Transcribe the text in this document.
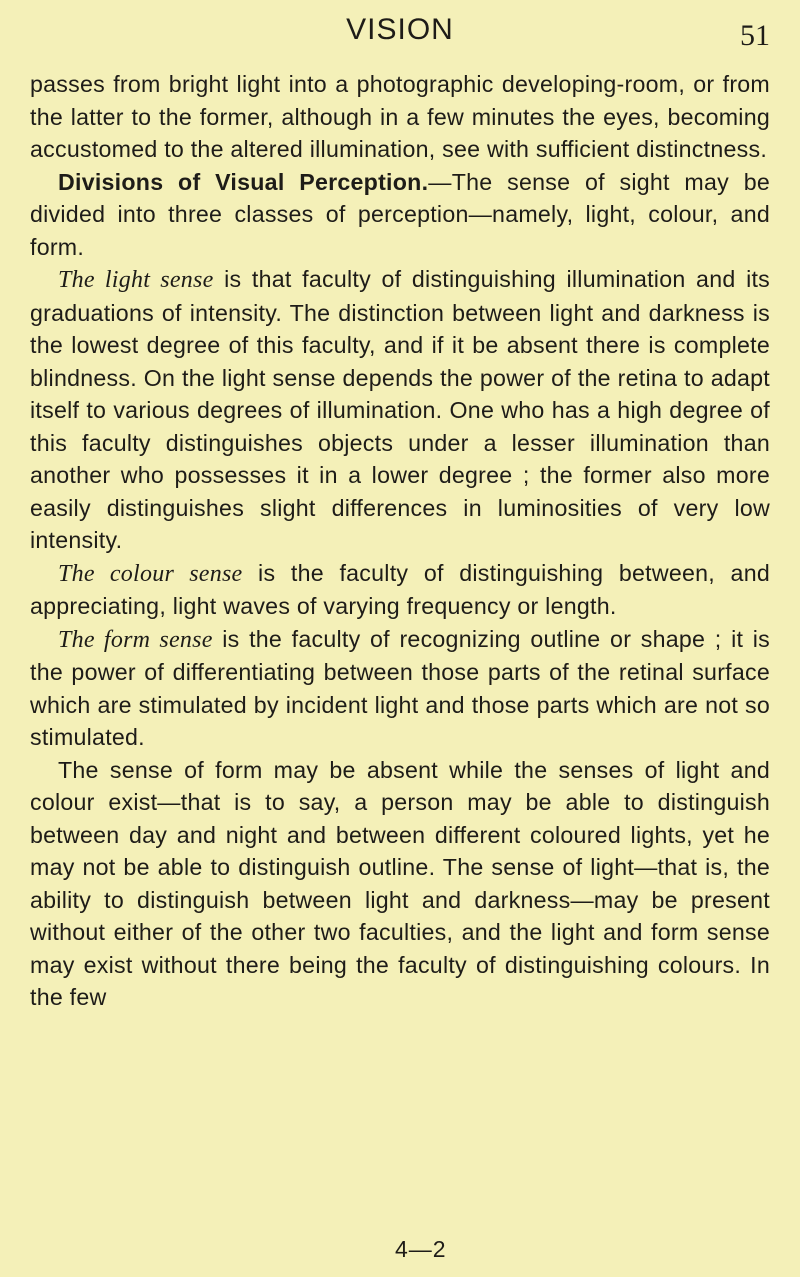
VISION	51

passes from bright light into a photographic developing-room, or from the latter to the former, although in a few minutes the eyes, becoming accustomed to the altered illumination, see with sufficient distinctness.

Divisions of Visual Perception.—The sense of sight may be divided into three classes of perception—namely, light, colour, and form.

The light sense is that faculty of distinguishing illumination and its graduations of intensity. The distinction between light and darkness is the lowest degree of this faculty, and if it be absent there is complete blindness. On the light sense depends the power of the retina to adapt itself to various degrees of illumination. One who has a high degree of this faculty distinguishes objects under a lesser illumination than another who possesses it in a lower degree ; the former also more easily distinguishes slight differences in luminosities of very low intensity.

The colour sense is the faculty of distinguishing between, and appreciating, light waves of varying frequency or length.

The form sense is the faculty of recognizing outline or shape ; it is the power of differentiating between those parts of the retinal surface which are stimulated by incident light and those parts which are not so stimulated.

The sense of form may be absent while the senses of light and colour exist—that is to say, a person may be able to distinguish between day and night and between different coloured lights, yet he may not be able to distinguish outline. The sense of light—that is, the ability to distinguish between light and darkness—may be present without either of the other two faculties, and the light and form sense may exist without there being the faculty of distinguishing colours. In the few

4—2
